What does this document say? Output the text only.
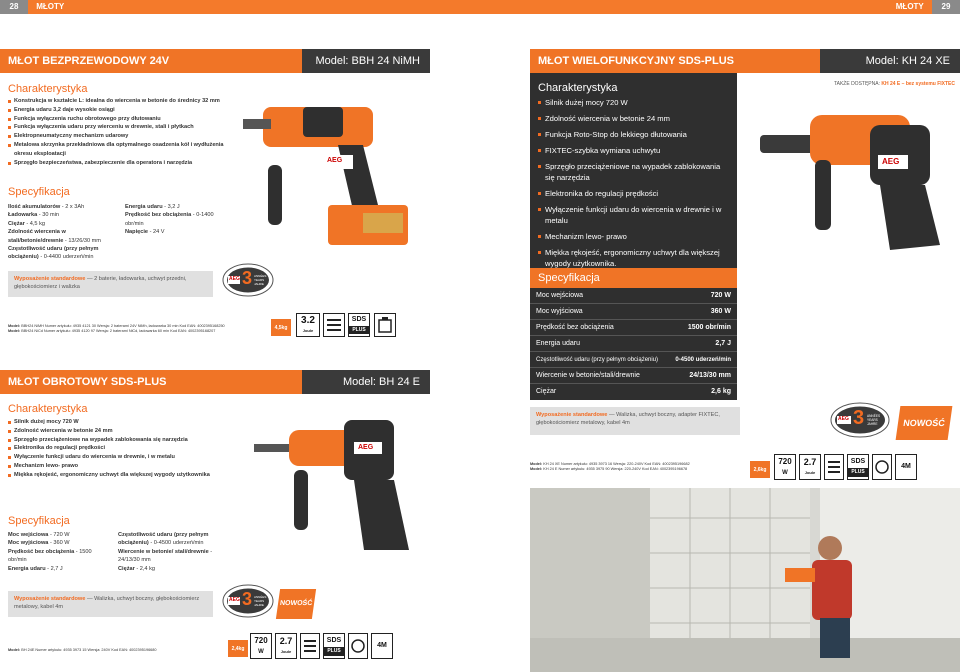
28 MŁOTY	MŁOTY 29
MŁOT BEZPRZEWODOWY 24V	Model: BBH 24 NiMH
Charakterystyka
Konstrukcja w kształcie L: idealna do wiercenia w betonie do średnicy 32 mm
Energia udaru 3,2 daje wysokie osiągi
Funkcja wyłączenia ruchu obrotowego przy dłutowaniu
Funkcja wyłączenia udaru przy wierceniu w drewnie, stali i płytkach
Elektropneumatyczny mechanizm udarowy
Metalowa skrzynka przekładniowa dla optymalnego osadzenia kół i wydłużenia okresu eksploatacji
Sprzęgło bezpieczeństwa, zabezpieczenie dla operatora i narzędzia
Specyfikacja
Ilość akumulatorów - 2 x 3Ah
Ładowarka - 30 min
Ciężar - 4,5 kg
Zdolność wiercenia w stali/betonie/drewnie - 13/26/30 mm
Częstotliwość udaru (przy pełnym obciążeniu) - 0-4400 uderzeń/min
Energia udaru - 3,2 J
Prędkość bez obciążenia - 0-1400 obr/min
Napięcie - 24 V
Wyposażenie standardowe — 2 baterie, ładowarka, uchwyt przedni, głębokościomierz i walizka
AEG 3 ANNÉES
YEARS
JAHRE
Model: BBH24 NiMH Numer artykułu: 4935 4121 30 Wersja: 2 baterami 24V NiMh, ładowarka 30 min Kod EAN: 4002395168250
Model: BBH24 NiCd Numer artykułu: 4935 4120 97 Wersja: 2 baterami NiCd, ładowarka 60 min Kod EAN: 4002395168207
AEG
4,5kg
3.2
Joule
SDS
PLUS
MŁOT OBROTOWY SDS-PLUS	Model: BH 24 E
Charakterystyka
Silnik dużej mocy 720 W
Zdolność wiercenia w betonie 24 mm
Sprzęgło przeciążeniowe na wypadek zablokowania się narzędzia
Elektronika do regulacji prędkości
Wyłączenie funkcji udaru do wiercenia w drewnie, i w metalu
Mechanizm lewo- prawo
Miękka rękojeść, ergonomiczny uchwyt dla większej wygody użytkownika
Specyfikacja
Moc wejściowa - 720 W
Moc wyjściowa - 360 W
Prędkość bez obciążenia - 1500 obr/min
Energia udaru - 2,7 J
Częstotliwość udaru (przy pełnym obciążeniu) - 0-4500 uderzeń/min
Wiercenie w betonie/ stali/drewnie - 24/13/30 mm
Ciężar - 2,4 kg
Wyposażenie standardowe — Walizka, uchwyt boczny, głębokościomierz metalowy, kabel 4m
AEG 3 ANNÉES
YEARS
JAHRE	NOWOŚĆ
AEG
Model: BH 24E Numer artykułu: 4935 3973 15 Wersja: 240V Kod EAN: 4002395196680	2,4kg
720
W
2.7
Joule
SDS
PLUS
4M
MŁOT WIELOFUNKCYJNY SDS-PLUS	Model: KH 24 XE
Charakterystyka
Silnik dużej mocy 720 W
Zdolność wiercenia w betonie 24 mm
Funkcja Roto-Stop do lekkiego dłutowania
FIXTEC-szybka wymiana uchwytu
Sprzęgło przeciążeniowe na wypadek zablokowania się narzędzia
Elektronika do regulacji prędkości
Wyłączenie funkcji udaru do wiercenia w drewnie i w metalu
Mechanizm lewo- prawo
Miękka rękojeść, ergonomiczny uchwyt dla większej wygody użytkownika.
Specyfikacja
Moc wejściowa	720 W
Moc wyjściowa	360 W
Prędkość bez obciążenia	1500 obr/min
Energia udaru	2,7 J
Częstotliwość udaru (przy pełnym obciążeniu)	0-4500 uderzeń/min
Wiercenie w betonie/stali/drewnie	24/13/30 mm
Ciężar	2,6 kg
TAKŻE DOSTĘPNA: KH 24 E – bez systemu FIXTEC
AEG
Wyposażenie standardowe — Walizka, uchwyt boczny, adapter FIXTEC, głębokościomierz metalowy, kabel 4m
AEG 3 ANNÉES
YEARS
JAHRE	NOWOŚĆ
Model: KH 24 XE Numer artykułu: 4935 3973 16 Wersja: 220-240V Kod EAN: 4002395196682
Model: KH 24 E Numer artykułu: 4935 3975 90 Wersja: 220-240V Kod EAN: 4002395196678	2,6kg
720
W
2.7
Joule
SDS
PLUS
4M
